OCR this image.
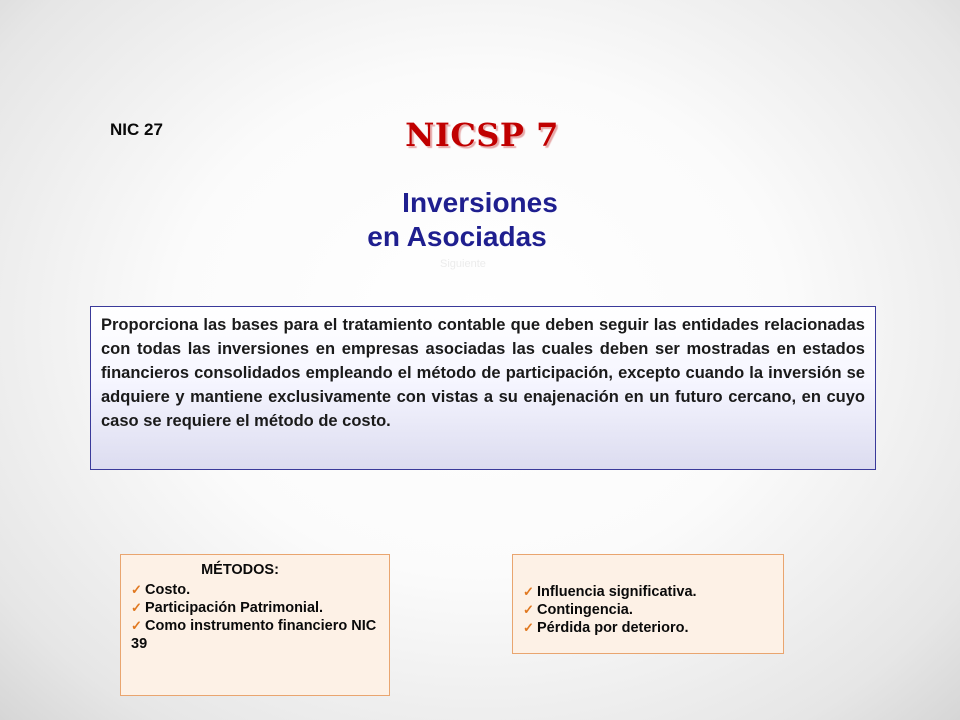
NIC 27	NICSP 7
Inversiones
en Asociadas
Siguiente

Proporciona las bases para el tratamiento contable que deben seguir las entidades relacionadas con todas las inversiones en empresas asociadas las cuales deben ser mostradas en estados financieros consolidados empleando el método de participación, excepto cuando la inversión se adquiere y mantiene exclusivamente con vistas a su enajenación en un futuro cercano, en cuyo caso se requiere el método de costo.

MÉTODOS:
✓ Costo.
✓ Participación Patrimonial.
✓ Como instrumento financiero NIC 39
✓ Influencia significativa.
✓ Contingencia.
✓ Pérdida por deterioro.
